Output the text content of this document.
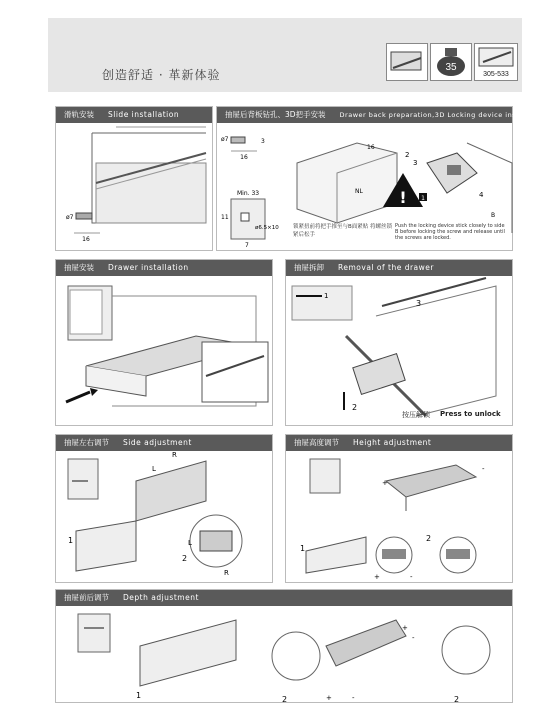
创造舒适 · 革新体验
35
305-533
滑轨安装 Slide installation
16
ø7
抽屉后背板钻孔、3D把手安装 Drawer back preparation,3D Locking device installation
16
ø7	3
16
NL
Min. 33
ø6.5×10
11
7
!
2
3
4
B
1
锁紧扭前将把手推至与B面紧贴 将螺丝锁紧后松手
Push the locking device stick closely to side B before locking the screw and release until the screws are locked.
抽屉安装 Drawer installation	抽屉拆卸 Removal of the drawer
1
3
2
按压解锁 Press to unlock
抽屉左右调节 Side adjustment
L
R
1
2
L
R
抽屉高度调节 Height adjustment
+
-
1
2
+	-
抽屉前后调节 Depth adjustment
1	2	2
+	-
+
-
